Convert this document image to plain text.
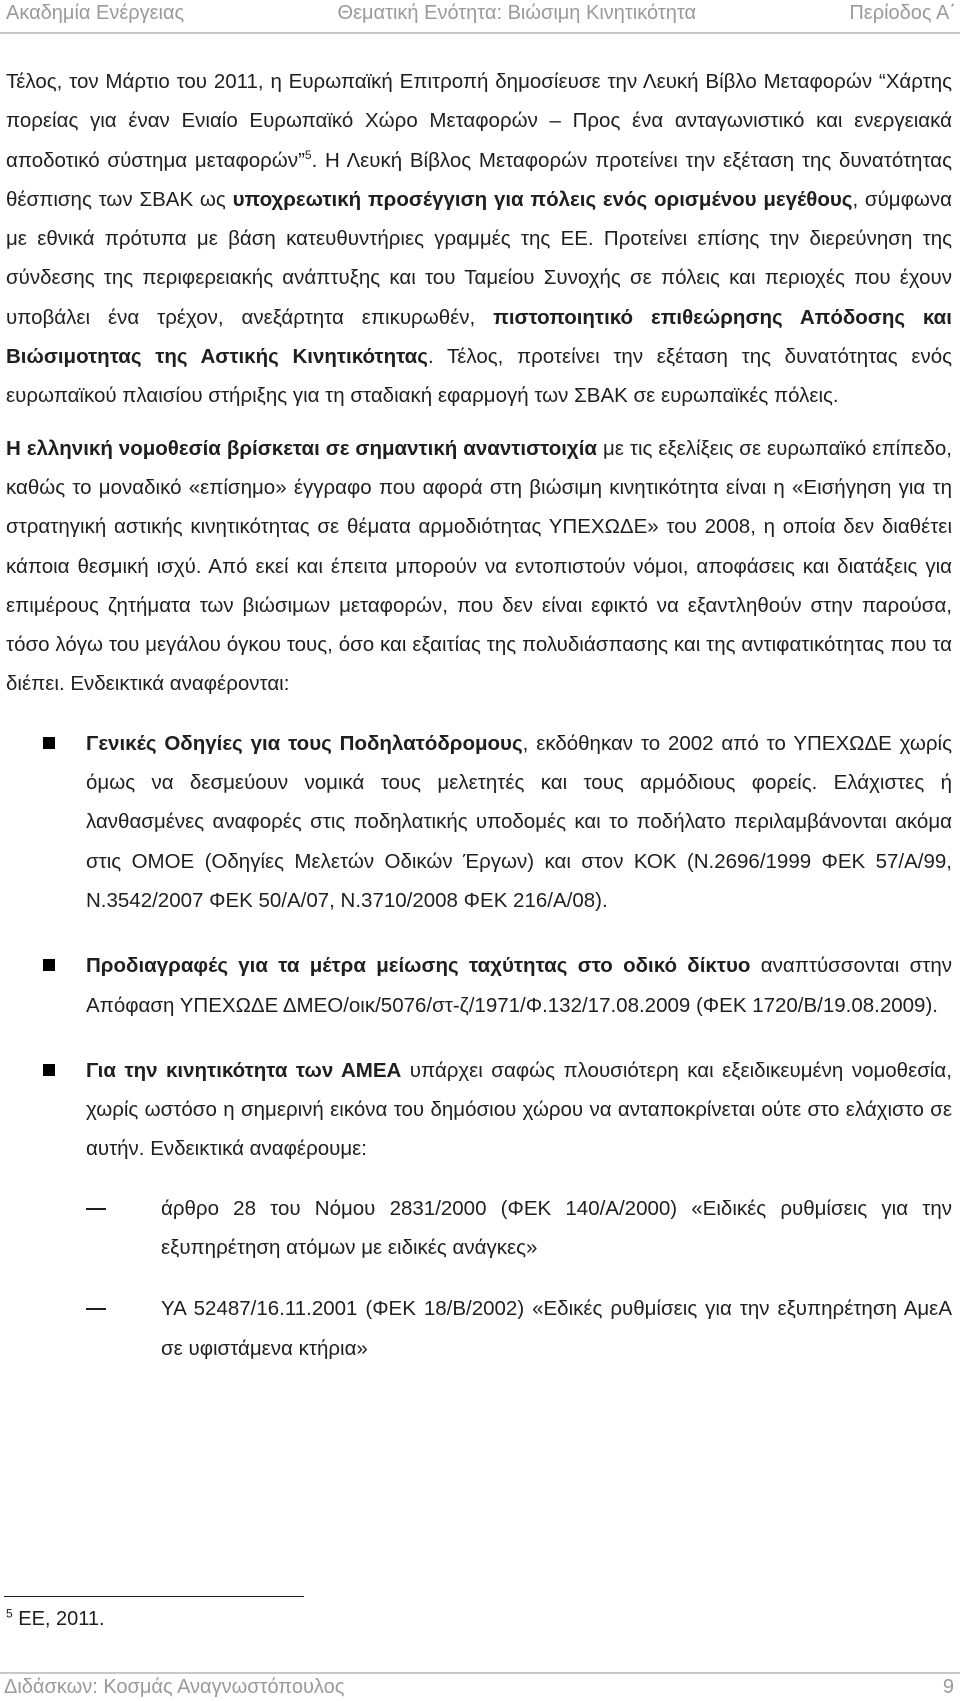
Ακαδημία Ενέργειας	Θεματική Ενότητα: Βιώσιμη Κινητικότητα	Περίοδος Α΄

Τέλος, τον Μάρτιο του 2011, η Ευρωπαϊκή Επιτροπή δημοσίευσε την Λευκή Βίβλο Μεταφορών “Χάρτης πορείας για έναν Ενιαίο Ευρωπαϊκό Χώρο Μεταφορών – Προς ένα ανταγωνιστικό και ενεργειακά αποδοτικό σύστημα μεταφορών”$^5$. Η Λευκή Βίβλος Μεταφορών προτείνει την εξέταση της δυνατότητας θέσπισης των ΣΒΑΚ ως υποχρεωτική προσέγγιση για πόλεις ενός ορισμένου μεγέθους, σύμφωνα με εθνικά πρότυπα με βάση κατευθυντήριες γραμμές της ΕΕ. Προτείνει επίσης την διερεύνηση της σύνδεσης της περιφερειακής ανάπτυξης και του Ταμείου Συνοχής σε πόλεις και περιοχές που έχουν υποβάλει ένα τρέχον, ανεξάρτητα επικυρωθέν, πιστοποιητικό επιθεώρησης Απόδοσης και Βιώσιμοτητας της Αστικής Κινητικότητας. Τέλος, προτείνει την εξέταση της δυνατότητας ενός ευρωπαϊκού πλαισίου στήριξης για τη σταδιακή εφαρμογή των ΣΒΑΚ σε ευρωπαϊκές πόλεις.

Η ελληνική νομοθεσία βρίσκεται σε σημαντική αναντιστοιχία με τις εξελίξεις σε ευρωπαϊκό επίπεδο, καθώς το μοναδικό «επίσημο» έγγραφο που αφορά στη βιώσιμη κινητικότητα είναι η «Εισήγηση για τη στρατηγική αστικής κινητικότητας σε θέματα αρμοδιότητας ΥΠΕΧΩΔΕ» του 2008, η οποία δεν διαθέτει κάποια θεσμική ισχύ. Από εκεί και έπειτα μπορούν να εντοπιστούν νόμοι, αποφάσεις και διατάξεις για επιμέρους ζητήματα των βιώσιμων μεταφορών, που δεν είναι εφικτό να εξαντληθούν στην παρούσα, τόσο λόγω του μεγάλου όγκου τους, όσο και εξαιτίας της πολυδιάσπασης και της αντιφατικότητας που τα διέπει. Ενδεικτικά αναφέρονται:

Γενικές Οδηγίες για τους Ποδηλατόδρομους, εκδόθηκαν το 2002 από το ΥΠΕΧΩΔΕ χωρίς όμως να δεσμεύουν νομικά τους μελετητές και τους αρμόδιους φορείς. Ελάχιστες ή λανθασμένες αναφορές στις ποδηλατικής υποδομές και το ποδήλατο περιλαμβάνονται ακόμα στις ΟΜΟΕ (Οδηγίες Μελετών Οδικών Έργων) και στον ΚΟΚ (Ν.2696/1999 ΦΕΚ 57/Α/99, Ν.3542/2007 ΦΕΚ 50/Α/07, Ν.3710/2008 ΦΕΚ 216/Α/08).
Προδιαγραφές για τα μέτρα μείωσης ταχύτητας στο οδικό δίκτυο αναπτύσσονται στην Απόφαση ΥΠΕΧΩΔΕ ΔΜΕΟ/οικ/5076/στ-ζ/1971/Φ.132/17.08.2009 (ΦΕΚ 1720/Β/19.08.2009).
Για την κινητικότητα των ΑΜΕΑ υπάρχει σαφώς πλουσιότερη και εξειδικευμένη νομοθεσία, χωρίς ωστόσο η σημερινή εικόνα του δημόσιου χώρου να ανταποκρίνεται ούτε στο ελάχιστο σε αυτήν. Ενδεικτικά αναφέρουμε:
άρθρο 28 του Νόμου 2831/2000 (ΦΕΚ 140/Α/2000) «Ειδικές ρυθμίσεις για την εξυπηρέτηση ατόμων με ειδικές ανάγκες»
ΥΑ 52487/16.11.2001 (ΦΕΚ 18/Β/2002) «Εδικές ρυθμίσεις για την εξυπηρέτηση ΑμεΑ σε υφιστάμενα κτήρια»
$^5$ ΕΕ, 2011.
Διδάσκων: Κοσμάς Αναγνωστόπουλος	9
